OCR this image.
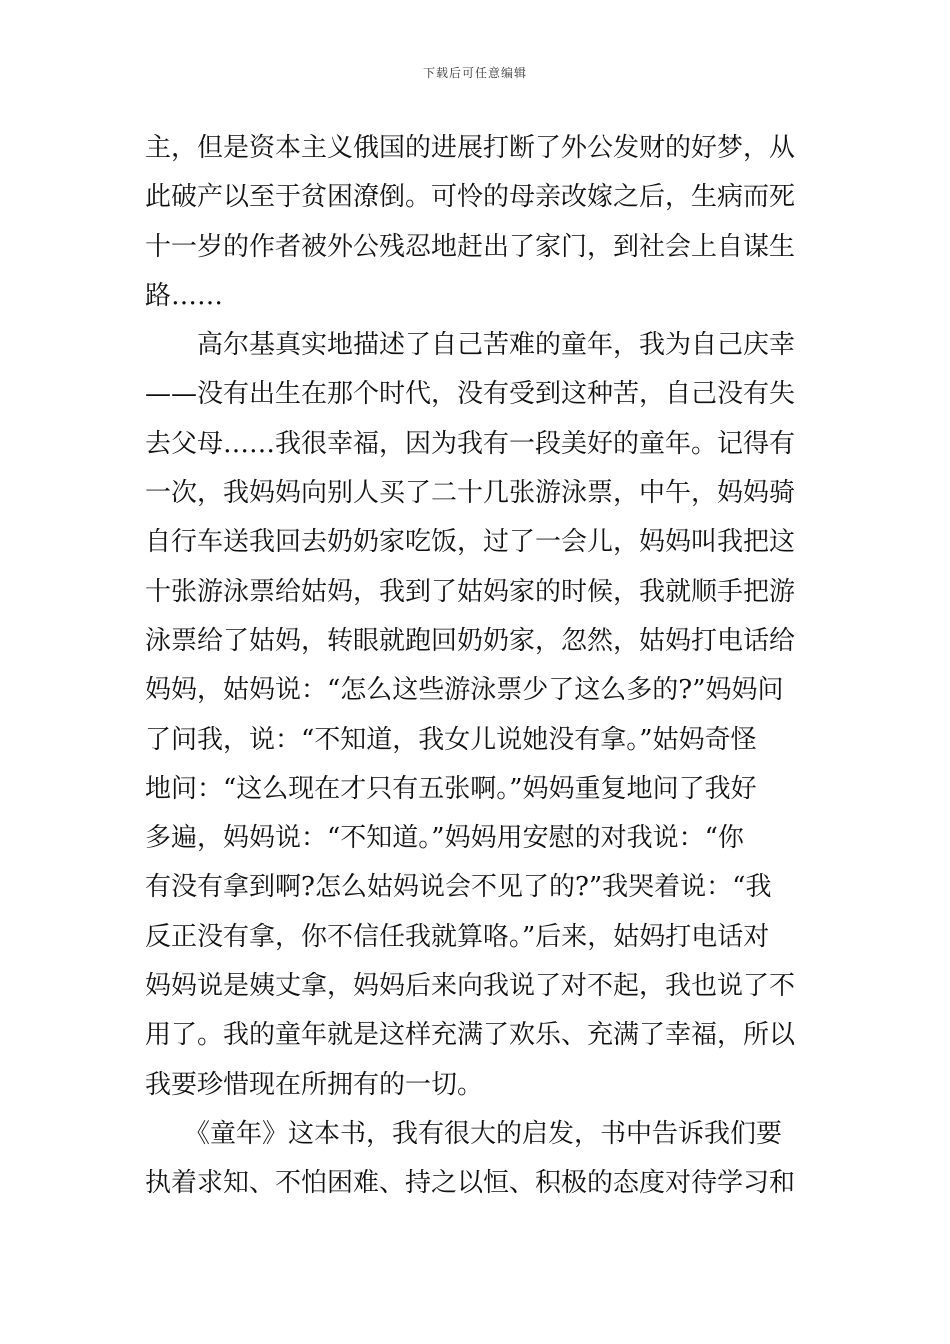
下载后可任意编辑
主，但是资本主义俄国的进展打断了外公发财的好梦，从
此破产以至于贫困潦倒。可怜的母亲改嫁之后，生病而死
十一岁的作者被外公残忍地赶出了家门，到社会上自谋生
路……
　　高尔基真实地描述了自己苦难的童年，我为自己庆幸
——没有出生在那个时代，没有受到这种苦，自己没有失
去父母……我很幸福，因为我有一段美好的童年。记得有
一次，我妈妈向别人买了二十几张游泳票，中午，妈妈骑
自行车送我回去奶奶家吃饭，过了一会儿，妈妈叫我把这
十张游泳票给姑妈，我到了姑妈家的时候，我就顺手把游
泳票给了姑妈，转眼就跑回奶奶家，忽然，姑妈打电话给
妈妈，姑妈说：“怎么这些游泳票少了这么多的?”妈妈问
了问我，说：“不知道，我女儿说她没有拿。”姑妈奇怪
地问：“这么现在才只有五张啊。”妈妈重复地问了我好
多遍，妈妈说：“不知道。”妈妈用安慰的对我说：“你
有没有拿到啊?怎么姑妈说会不见了的?”我哭着说：“我
反正没有拿，你不信任我就算咯。”后来，姑妈打电话对
妈妈说是姨丈拿，妈妈后来向我说了对不起，我也说了不
用了。我的童年就是这样充满了欢乐、充满了幸福，所以
我要珍惜现在所拥有的一切。
　　《童年》这本书，我有很大的启发，书中告诉我们要
执着求知、不怕困难、持之以恒、积极的态度对待学习和
